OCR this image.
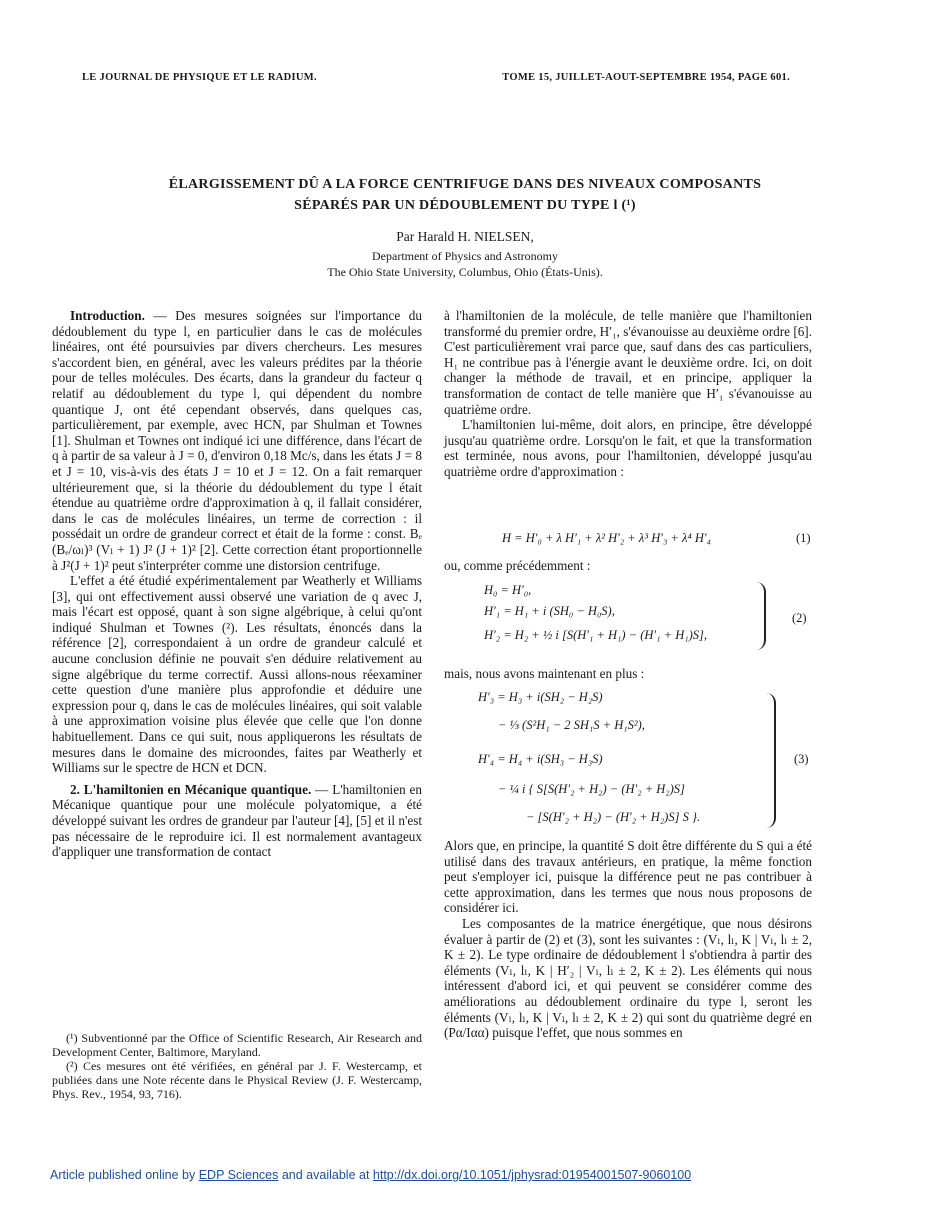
LE JOURNAL DE PHYSIQUE ET LE RADIUM.	TOME 15, JUILLET-AOUT-SEPTEMBRE 1954, PAGE 601.
ÉLARGISSEMENT DÛ A LA FORCE CENTRIFUGE DANS DES NIVEAUX COMPOSANTS
SÉPARÉS PAR UN DÉDOUBLEMENT DU TYPE l (¹)
Par Harald H. NIELSEN,
Department of Physics and Astronomy
The Ohio State University, Columbus, Ohio (États-Unis).

Introduction. — Des mesures soignées sur l'importance du dédoublement du type l, en particulier dans le cas de molécules linéaires, ont été poursuivies par divers chercheurs. Les mesures s'accordent bien, en général, avec les valeurs prédites par la théorie pour de telles molécules. Des écarts, dans la grandeur du facteur q relatif au dédoublement du type l, qui dépendent du nombre quantique J, ont été cependant observés, dans quelques cas, particulièrement, par exemple, avec HCN, par Shulman et Townes [1]. Shulman et Townes ont indiqué ici une différence, dans l'écart de q à partir de sa valeur à J = 0, d'environ 0,18 Mc/s, dans les états J = 8 et J = 10, vis-à-vis des états J = 10 et J = 12. On a fait remarquer ultérieurement que, si la théorie du dédoublement du type l était étendue au quatrième ordre d'approximation à q, il fallait considérer, dans le cas de molécules linéaires, un terme de correction : il possédait un ordre de grandeur correct et était de la forme : const. Bₑ (Bₑ/ωₗ)³ (Vₗ + 1) J² (J + 1)² [2]. Cette correction étant proportionnelle à J²(J + 1)² peut s'interpréter comme une distorsion centrifuge.

L'effet a été étudié expérimentalement par Weatherly et Williams [3], qui ont effectivement aussi observé une variation de q avec J, mais l'écart est opposé, quant à son signe algébrique, à celui qu'ont indiqué Shulman et Townes (²). Les résultats, énoncés dans la référence [2], correspondaient à un ordre de grandeur calculé et aucune conclusion définie ne pouvait s'en déduire relativement au signe algébrique du terme correctif. Aussi allons-nous réexaminer cette question d'une manière plus approfondie et déduire une expression pour q, dans le cas de molécules linéaires, qui soit valable à une approximation voisine plus élevée que celle que l'on donne habituellement. Dans ce qui suit, nous appliquerons les résultats de mesures dans le domaine des microondes, faites par Weatherly et Williams sur le spectre de HCN et DCN.

2. L'hamiltonien en Mécanique quantique. — L'hamiltonien en Mécanique quantique pour une molécule polyatomique, a été développé suivant les ordres de grandeur par l'auteur [4], [5] et il n'est pas nécessaire de le reproduire ici. Il est normalement avantageux d'appliquer une transformation de contact

(¹) Subventionné par the Office of Scientific Research, Air Research and Development Center, Baltimore, Maryland.

(²) Ces mesures ont été vérifiées, en général par J. F. Westercamp, et publiées dans une Note récente dans le Physical Review (J. F. Westercamp, Phys. Rev., 1954, 93, 716).

à l'hamiltonien de la molécule, de telle manière que l'hamiltonien transformé du premier ordre, H′₁, s'évanouisse au deuxième ordre [6]. C'est particulièrement vrai parce que, sauf dans des cas particuliers, H₁ ne contribue pas à l'énergie avant le deuxième ordre. Ici, on doit changer la méthode de travail, et en principe, appliquer la transformation de contact de telle manière que H′₁ s'évanouisse au quatrième ordre.

L'hamiltonien lui-même, doit alors, en principe, être développé jusqu'au quatrième ordre. Lorsqu'on le fait, et que la transformation est terminée, nous avons, pour l'hamiltonien, développé jusqu'au quatrième ordre d'approximation :

H = H′₀ + λ H′₁ + λ² H′₂ + λ³ H′₃ + λ⁴ H′₄	(1)
ou, comme précédemment :
H₀ = H′₀,
H′₁ = H₁ + i (SH₀ − H₀S),
H′₂ = H₂ + ½ i [S(H′₁ + H₁) − (H′₁ + H₁)S],
(2)
mais, nous avons maintenant en plus :
H′₃ = H₃ + i(SH₂ − H₂S)
− ⅓ (S²H₁ − 2 SH₁S + H₁S²),
H′₄ = H₄ + i(SH₃ − H₃S)
− ¼ i { S[S(H′₂ + H₂) − (H′₂ + H₂)S]
− [S(H′₂ + H₂) − (H′₂ + H₂)S] S }.
(3)

Alors que, en principe, la quantité S doit être différente du S qui a été utilisé dans des travaux antérieurs, en pratique, la même fonction peut s'employer ici, puisque la différence peut ne pas contribuer à cette approximation, dans les termes que nous nous proposons de considérer ici.

Les composantes de la matrice énergétique, que nous désirons évaluer à partir de (2) et (3), sont les suivantes : (Vₗ, lₗ, K | Vₗ, lₗ ± 2, K ± 2). Le type ordinaire de dédoublement l s'obtiendra à partir des éléments (Vₗ, lₗ, K | H′₂ | Vₗ, lₗ ± 2, K ± 2). Les éléments qui nous intéressent d'abord ici, et qui peuvent se considérer comme des améliorations au dédoublement ordinaire du type l, seront les éléments (Vₗ, lₗ, K | Vₗ, lₗ ± 2, K ± 2) qui sont du quatrième degré en (Pα/Iαα) puisque l'effet, que nous sommes en

Article published online by EDP Sciences and available at http://dx.doi.org/10.1051/jphysrad:01954001507-9060100
